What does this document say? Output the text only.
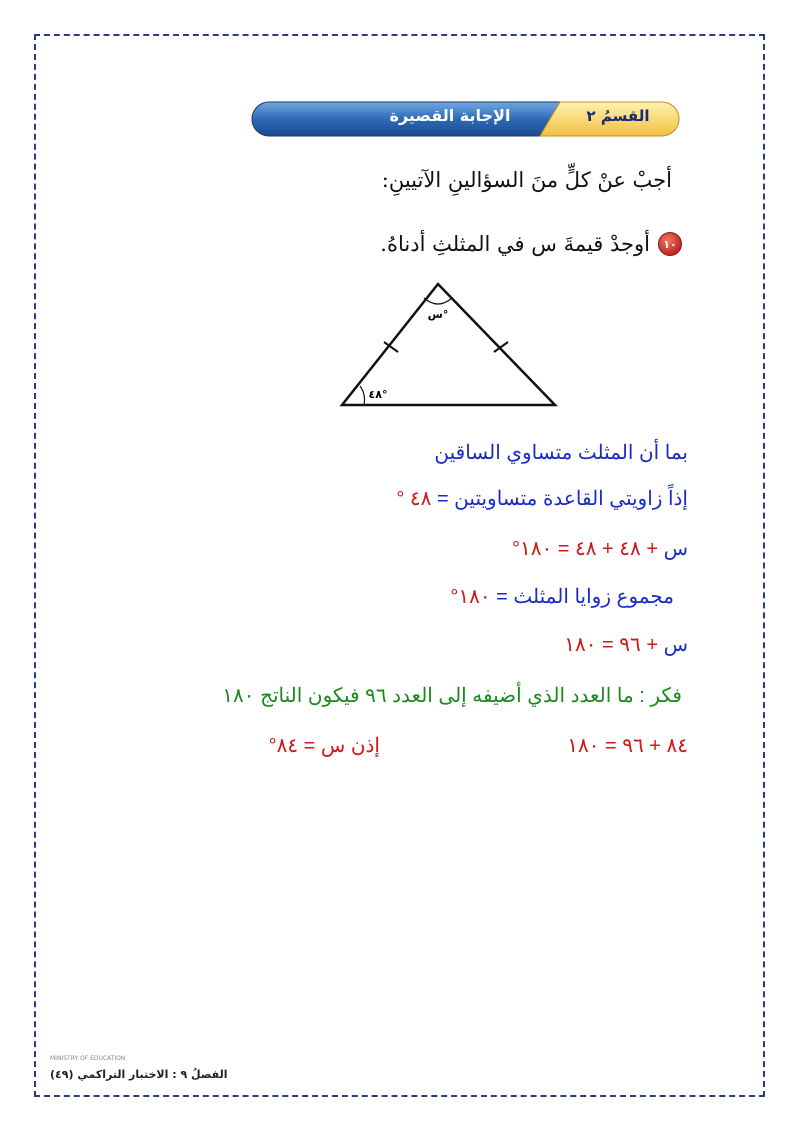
القسمُ ٢
الإجابة القصيرة
أجبْ عنْ كلٍّ منَ السؤالينِ الآتيينِ:
١٠
أوجدْ قيمةَ س في المثلثِ أدناهُ.
س°
٤٨°
بما أن المثلث متساوي الساقين
إذاً زاويتي القاعدة متساويتين = ٤٨ °
س + ٤٨ + ٤٨ = ١٨٠°
مجموع زوايا المثلث = ١٨٠°
س + ٩٦ = ١٨٠
فكر : ما العدد الذي أضيفه إلى العدد ٩٦ فيكون الناتج ١٨٠
٨٤ + ٩٦ = ١٨٠
إذن س = ٨٤°
MINISTRY OF EDUCATION
الفصلُ ٩ : الاختبار التراكمي (٤٩)
